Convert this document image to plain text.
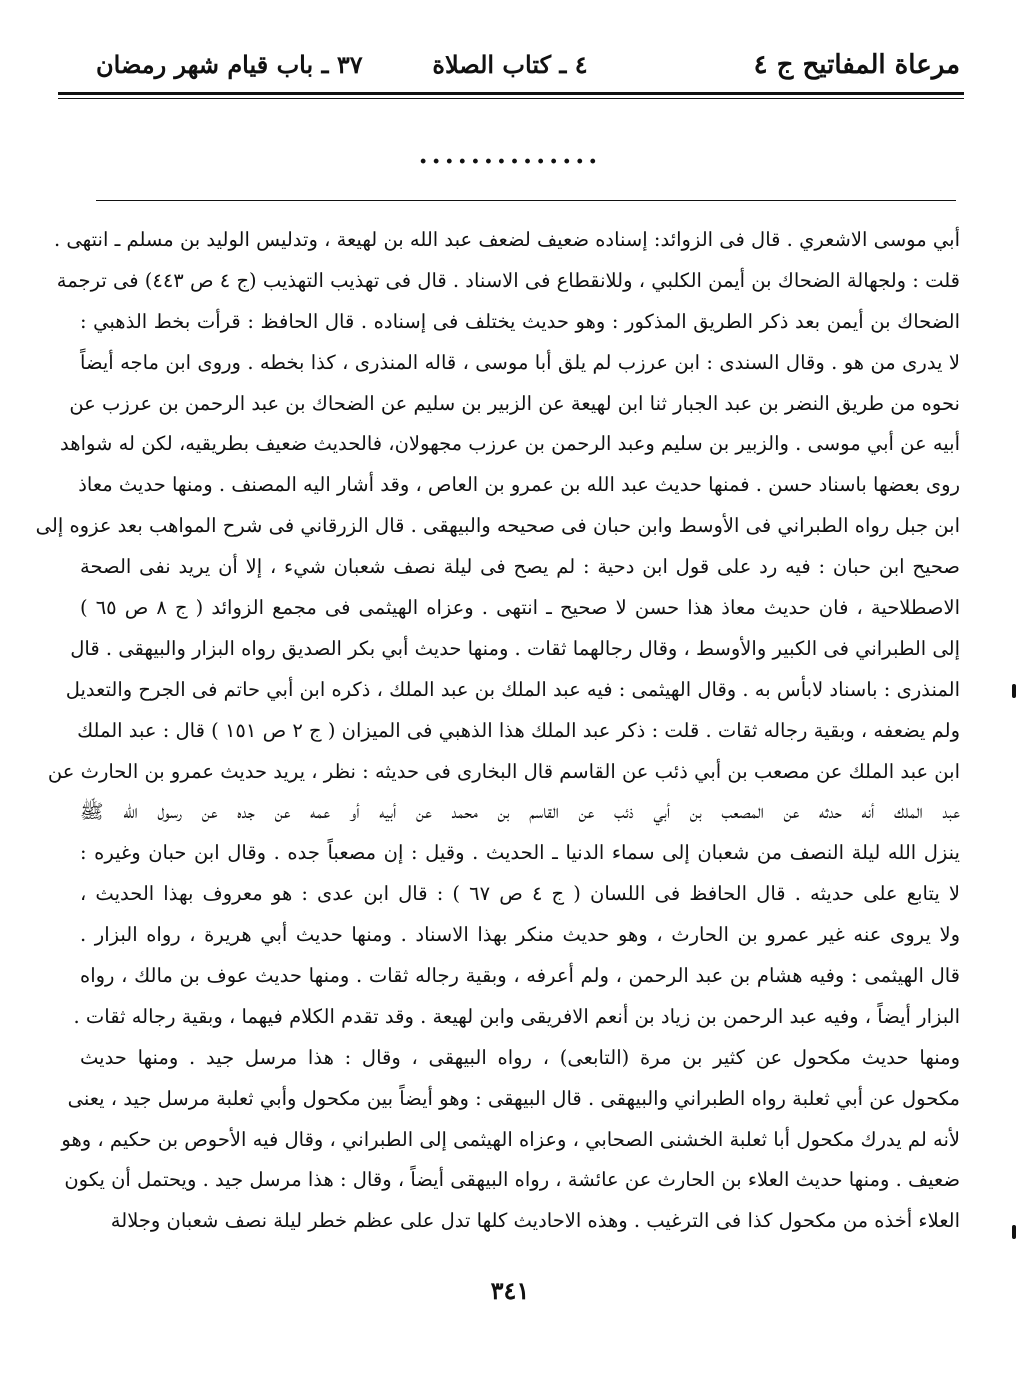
مرعاة المفاتيح ج ٤
٤ ـ كتاب الصلاة
٣٧ ـ باب قيام شهر رمضان
..............
أبي موسى الاشعري . قال فى الزوائد: إسناده ضعيف لضعف عبد الله بن لهيعة ، وتدليس الوليد بن مسلم ـ انتهى .
قلت : ولجهالة الضحاك بن أيمن الكلبي ، وللانقطاع فى الاسناد . قال فى تهذيب التهذيب (ج ٤ ص ٤٤٣) فى ترجمة
الضحاك بن أيمن بعد ذكر الطريق المذكور : وهو حديث يختلف فى إسناده . قال الحافظ : قرأت بخط الذهبي :
لا يدرى من هو . وقال السندى : ابن عرزب لم يلق أبا موسى ، قاله المنذرى ، كذا بخطه . وروى ابن ماجه أيضاً
نحوه من طريق النضر بن عبد الجبار ثنا ابن لهيعة عن الزبير بن سليم عن الضحاك بن عبد الرحمن بن عرزب عن
أبيه عن أبي موسى . والزبير بن سليم وعبد الرحمن بن عرزب مجهولان، فالحديث ضعيف بطريقيه، لكن له شواهد
روى بعضها باسناد حسن . فمنها حديث عبد الله بن عمرو بن العاص ، وقد أشار اليه المصنف . ومنها حديث معاذ
ابن جبل رواه الطبراني فى الأوسط وابن حبان فى صحيحه والبيهقى . قال الزرقاني فى شرح المواهب بعد عزوه إلى
صحيح ابن حبان : فيه رد على قول ابن دحية : لم يصح فى ليلة نصف شعبان شيء ، إلا أن يريد نفى الصحة
الاصطلاحية ، فان حديث معاذ هذا حسن لا صحيح ـ انتهى . وعزاه الهيثمى فى مجمع الزوائد ( ج ٨ ص ٦٥ )
إلى الطبراني فى الكبير والأوسط ، وقال رجالهما ثقات . ومنها حديث أبي بكر الصديق رواه البزار والبيهقى . قال
المنذرى : باسناد لابأس به . وقال الهيثمى : فيه عبد الملك بن عبد الملك ، ذكره ابن أبي حاتم فى الجرح والتعديل
ولم يضعفه ، وبقية رجاله ثقات . قلت : ذكر عبد الملك هذا الذهبي فى الميزان ( ج ٢ ص ١٥١ ) قال : عبد الملك
ابن عبد الملك عن مصعب بن أبي ذئب عن القاسم قال البخارى فى حديثه : نظر ، يريد حديث عمرو بن الحارث عن
عبد الملك أنه حدثه عن المصعب بن أبي ذئب عن القاسم بن محمد عن أبيه أو عمه عن جده عن رسول الله ﷺ
ينزل الله ليلة النصف من شعبان إلى سماء الدنيا ـ الحديث . وقيل : إن مصعباً جده . وقال ابن حبان وغيره :
لا يتابع على حديثه . قال الحافظ فى اللسان ( ج ٤ ص ٦٧ ) : قال ابن عدى : هو معروف بهذا الحديث ،
ولا يروى عنه غير عمرو بن الحارث ، وهو حديث منكر بهذا الاسناد . ومنها حديث أبي هريرة ، رواه البزار .
قال الهيثمى : وفيه هشام بن عبد الرحمن ، ولم أعرفه ، وبقية رجاله ثقات . ومنها حديث عوف بن مالك ، رواه
البزار أيضاً ، وفيه عبد الرحمن بن زياد بن أنعم الافريقى وابن لهيعة . وقد تقدم الكلام فيهما ، وبقية رجاله ثقات .
ومنها حديث مكحول عن كثير بن مرة (التابعى) ، رواه البيهقى ، وقال : هذا مرسل جيد . ومنها حديث
مكحول عن أبي ثعلبة رواه الطبراني والبيهقى . قال البيهقى : وهو أيضاً بين مكحول وأبي ثعلبة مرسل جيد ، يعنى
لأنه لم يدرك مكحول أبا ثعلبة الخشنى الصحابي ، وعزاه الهيثمى إلى الطبراني ، وقال فيه الأحوص بن حكيم ، وهو
ضعيف . ومنها حديث العلاء بن الحارث عن عائشة ، رواه البيهقى أيضاً ، وقال : هذا مرسل جيد . ويحتمل أن يكون
العلاء أخذه من مكحول كذا فى الترغيب . وهذه الاحاديث كلها تدل على عظم خطر ليلة نصف شعبان وجلالة
٣٤١
